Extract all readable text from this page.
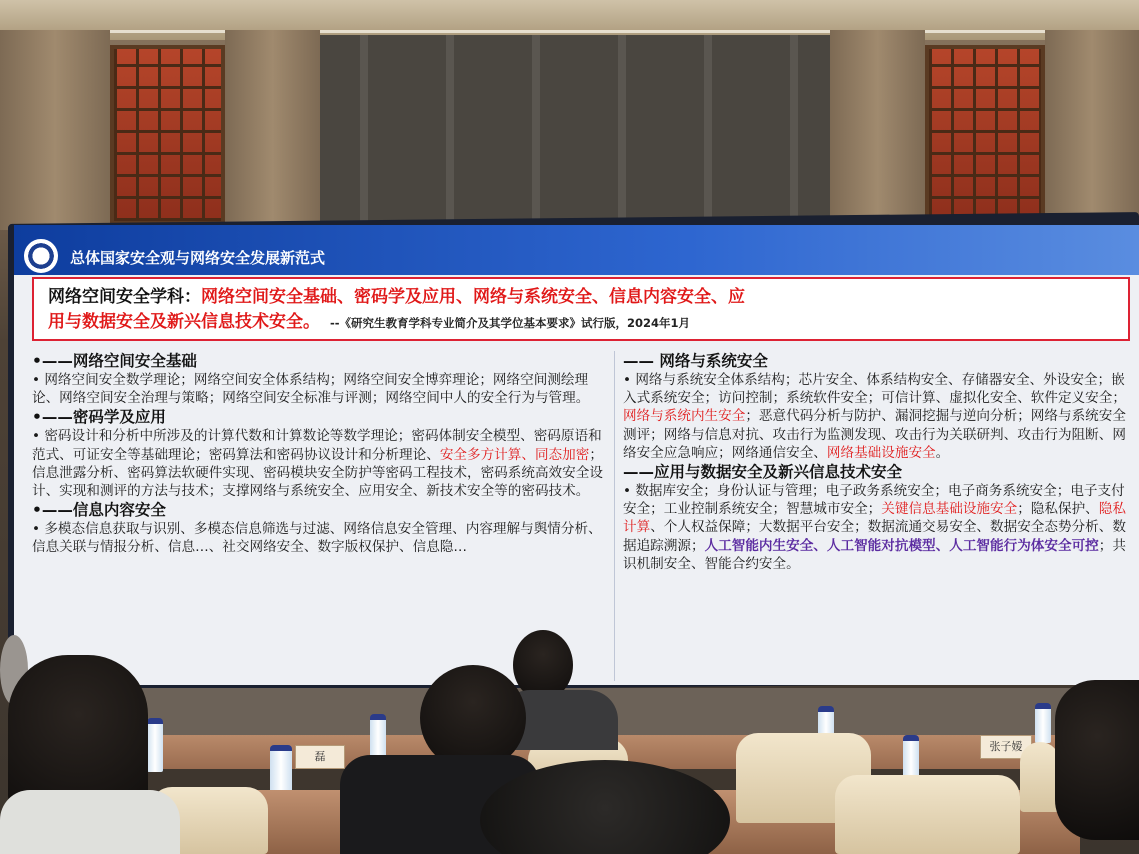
总体国家安全观与网络安全发展新范式
网络空间安全学科：网络空间安全基础、密码学及应用、网络与系统安全、信息内容安全、应
用与数据安全及新兴信息技术安全。 --《研究生教育学科专业简介及其学位基本要求》试行版，2024年1月
•——网络空间安全基础
• 网络空间安全数学理论；网络空间安全体系结构；网络空间安全博弈理论；网络空间测绘理论、网络空间安全治理与策略；网络空间安全标准与评测；网络空间中人的安全行为与管理。
•——密码学及应用
• 密码设计和分析中所涉及的计算代数和计算数论等数学理论；密码体制安全模型、密码原语和范式、可证安全等基础理论；密码算法和密码协议设计和分析理论、安全多方计算、同态加密；信息泄露分析、密码算法软硬件实现、密码模块安全防护等密码工程技术，密码系统高效安全设计、实现和测评的方法与技术；支撑网络与系统安全、应用安全、新技术安全等的密码技术。
•——信息内容安全
• 多模态信息获取与识别、多模态信息筛选与过滤、网络信息安全管理、内容理解与舆情分析、信息关联与情报分析、信息…、社交网络安全、数字版权保护、信息隐…
—— 网络与系统安全
• 网络与系统安全体系结构；芯片安全、体系结构安全、存储器安全、外设安全；嵌入式系统安全；访问控制；系统软件安全；可信计算、虚拟化安全、软件定义安全；网络与系统内生安全；恶意代码分析与防护、漏洞挖掘与逆向分析；网络与系统安全测评；网络与信息对抗、攻击行为监测发现、攻击行为关联研判、攻击行为阻断、网络安全应急响应；网络通信安全、网络基础设施安全。
——应用与数据安全及新兴信息技术安全
• 数据库安全；身份认证与管理；电子政务系统安全；电子商务系统安全；电子支付安全；工业控制系统安全；智慧城市安全；关键信息基础设施安全；隐私保护、隐私计算、个人权益保障；大数据平台安全；数据流通交易安全、数据安全态势分析、数据追踪溯源；人工智能内生安全、人工智能对抗模型、人工智能行为体安全可控；共识机制安全、智能合约安全。
磊
张子嫒
